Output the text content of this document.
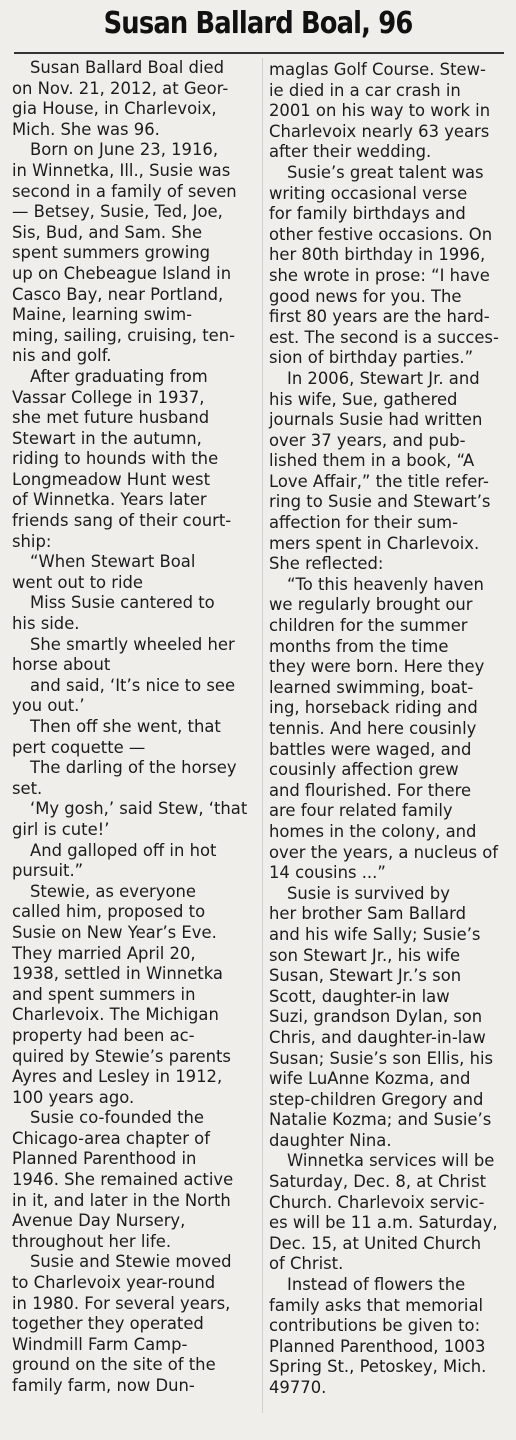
Susan Ballard Boal, 96
Susan Ballard Boal died
on Nov. 21, 2012, at Geor-
gia House, in Charlevoix,
Mich. She was 96.
Born on June 23, 1916,
in Winnetka, Ill., Susie was
second in a family of seven
— Betsey, Susie, Ted, Joe,
Sis, Bud, and Sam. She
spent summers growing
up on Chebeague Island in
Casco Bay, near Portland,
Maine, learning swim-
ming, sailing, cruising, ten-
nis and golf.
After graduating from
Vassar College in 1937,
she met future husband
Stewart in the autumn,
riding to hounds with the
Longmeadow Hunt west
of Winnetka. Years later
friends sang of their court-
ship:
“When Stewart Boal
went out to ride
Miss Susie cantered to
his side.
She smartly wheeled her
horse about
and said, ‘It’s nice to see
you out.’
Then off she went, that
pert coquette —
The darling of the horsey
set.
‘My gosh,’ said Stew, ‘that
girl is cute!’
And galloped off in hot
pursuit.”
Stewie, as everyone
called him, proposed to
Susie on New Year’s Eve.
They married April 20,
1938, settled in Winnetka
and spent summers in
Charlevoix. The Michigan
property had been ac-
quired by Stewie’s parents
Ayres and Lesley in 1912,
100 years ago.
Susie co-founded the
Chicago-area chapter of
Planned Parenthood in
1946. She remained active
in it, and later in the North
Avenue Day Nursery,
throughout her life.
Susie and Stewie moved
to Charlevoix year-round
in 1980. For several years,
together they operated
Windmill Farm Camp-
ground on the site of the
family farm, now Dun-
maglas Golf Course. Stew-
ie died in a car crash in
2001 on his way to work in
Charlevoix nearly 63 years
after their wedding.
Susie’s great talent was
writing occasional verse
for family birthdays and
other festive occasions. On
her 80th birthday in 1996,
she wrote in prose: “I have
good news for you. The
first 80 years are the hard-
est. The second is a succes-
sion of birthday parties.”
In 2006, Stewart Jr. and
his wife, Sue, gathered
journals Susie had written
over 37 years, and pub-
lished them in a book, “A
Love Affair,” the title refer-
ring to Susie and Stewart’s
affection for their sum-
mers spent in Charlevoix.
She reflected:
“To this heavenly haven
we regularly brought our
children for the summer
months from the time
they were born. Here they
learned swimming, boat-
ing, horseback riding and
tennis. And here cousinly
battles were waged, and
cousinly affection grew
and flourished. For there
are four related family
homes in the colony, and
over the years, a nucleus of
14 cousins ...”
Susie is survived by
her brother Sam Ballard
and his wife Sally; Susie’s
son Stewart Jr., his wife
Susan, Stewart Jr.’s son
Scott, daughter-in law
Suzi, grandson Dylan, son
Chris, and daughter-in-law
Susan; Susie’s son Ellis, his
wife LuAnne Kozma, and
step-children Gregory and
Natalie Kozma; and Susie’s
daughter Nina.
Winnetka services will be
Saturday, Dec. 8, at Christ
Church. Charlevoix servic-
es will be 11 a.m. Saturday,
Dec. 15, at United Church
of Christ.
Instead of flowers the
family asks that memorial
contributions be given to:
Planned Parenthood, 1003
Spring St., Petoskey, Mich.
49770.
